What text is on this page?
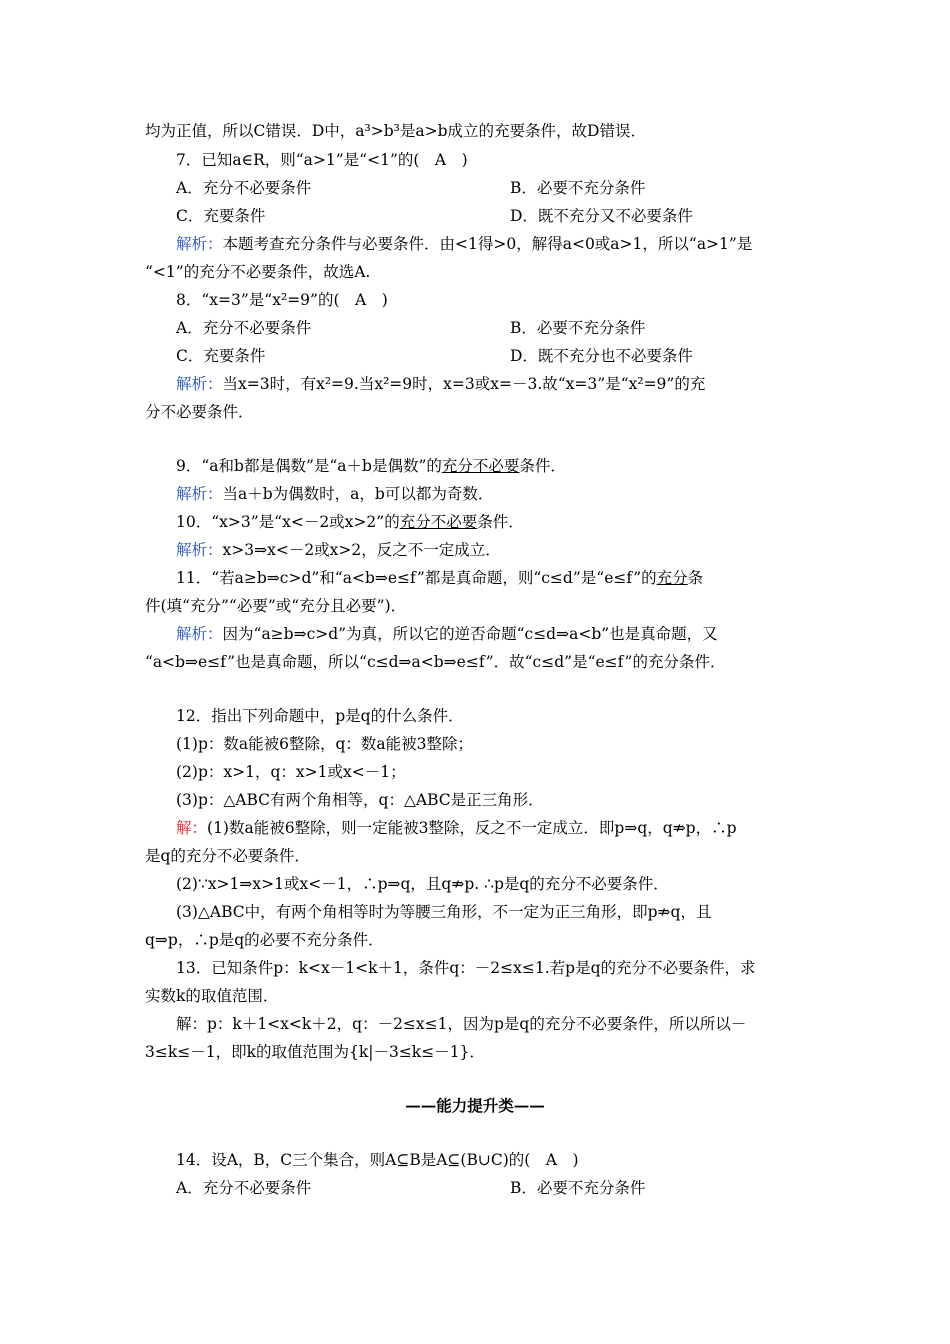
均为正值，所以C错误．D中，a³>b³是a>b成立的充要条件，故D错误．
7．已知a∈R，则“a>1”是“<1”的(　A　)
A．充分不必要条件	B．必要不充分条件
C．充要条件	D．既不充分又不必要条件
解析：本题考查充分条件与必要条件．由<1得>0，解得a<0或a>1，所以“a>1”是
“<1”的充分不必要条件，故选A.
8．“x=3”是“x²=9”的(　A　)
A．充分不必要条件	B．必要不充分条件
C．充要条件	D．既不充分也不必要条件
解析：当x=3时，有x²=9.当x²=9时，x=3或x=－3.故“x=3”是“x²=9”的充
分不必要条件．
9．“a和b都是偶数”是“a＋b是偶数”的充分不必要条件．
解析：当a＋b为偶数时，a，b可以都为奇数．
10．“x>3”是“x<－2或x>2”的充分不必要条件．
解析：x>3⇒x<－2或x>2，反之不一定成立．
11．“若a≥b⇒c>d”和“a<b⇒e≤f”都是真命题，则“c≤d”是“e≤f”的充分条
件(填“充分”“必要”或“充分且必要”)．
解析：因为“a≥b⇒c>d”为真，所以它的逆否命题“c≤d⇒a<b”也是真命题，又
“a<b⇒e≤f”也是真命题，所以“c≤d⇒a<b⇒e≤f”．故“c≤d”是“e≤f”的充分条件．
12．指出下列命题中，p是q的什么条件．
(1)p：数a能被6整除，q：数a能被3整除；
(2)p：x>1，q：x>1或x<－1；
(3)p：△ABC有两个角相等，q：△ABC是正三角形．
解：(1)数a能被6整除，则一定能被3整除，反之不一定成立．即p⇒q，q⇏p，∴p
是q的充分不必要条件．
(2)∵x>1⇒x>1或x<－1，∴p⇒q，且q⇏p. ∴p是q的充分不必要条件．
(3)△ABC中，有两个角相等时为等腰三角形，不一定为正三角形，即p⇏q，且
q⇒p，∴p是q的必要不充分条件．
13．已知条件p：k<x－1<k＋1，条件q：－2≤x≤1.若p是q的充分不必要条件，求
实数k的取值范围．
解：p：k＋1<x<k＋2，q：－2≤x≤1，因为p是q的充分不必要条件，所以所以－
3≤k≤－1，即k的取值范围为{k|－3≤k≤－1}．
——能力提升类——
14．设A，B，C三个集合，则A⊆B是A⊆(B∪C)的(　A　)
A．充分不必要条件	B．必要不充分条件
